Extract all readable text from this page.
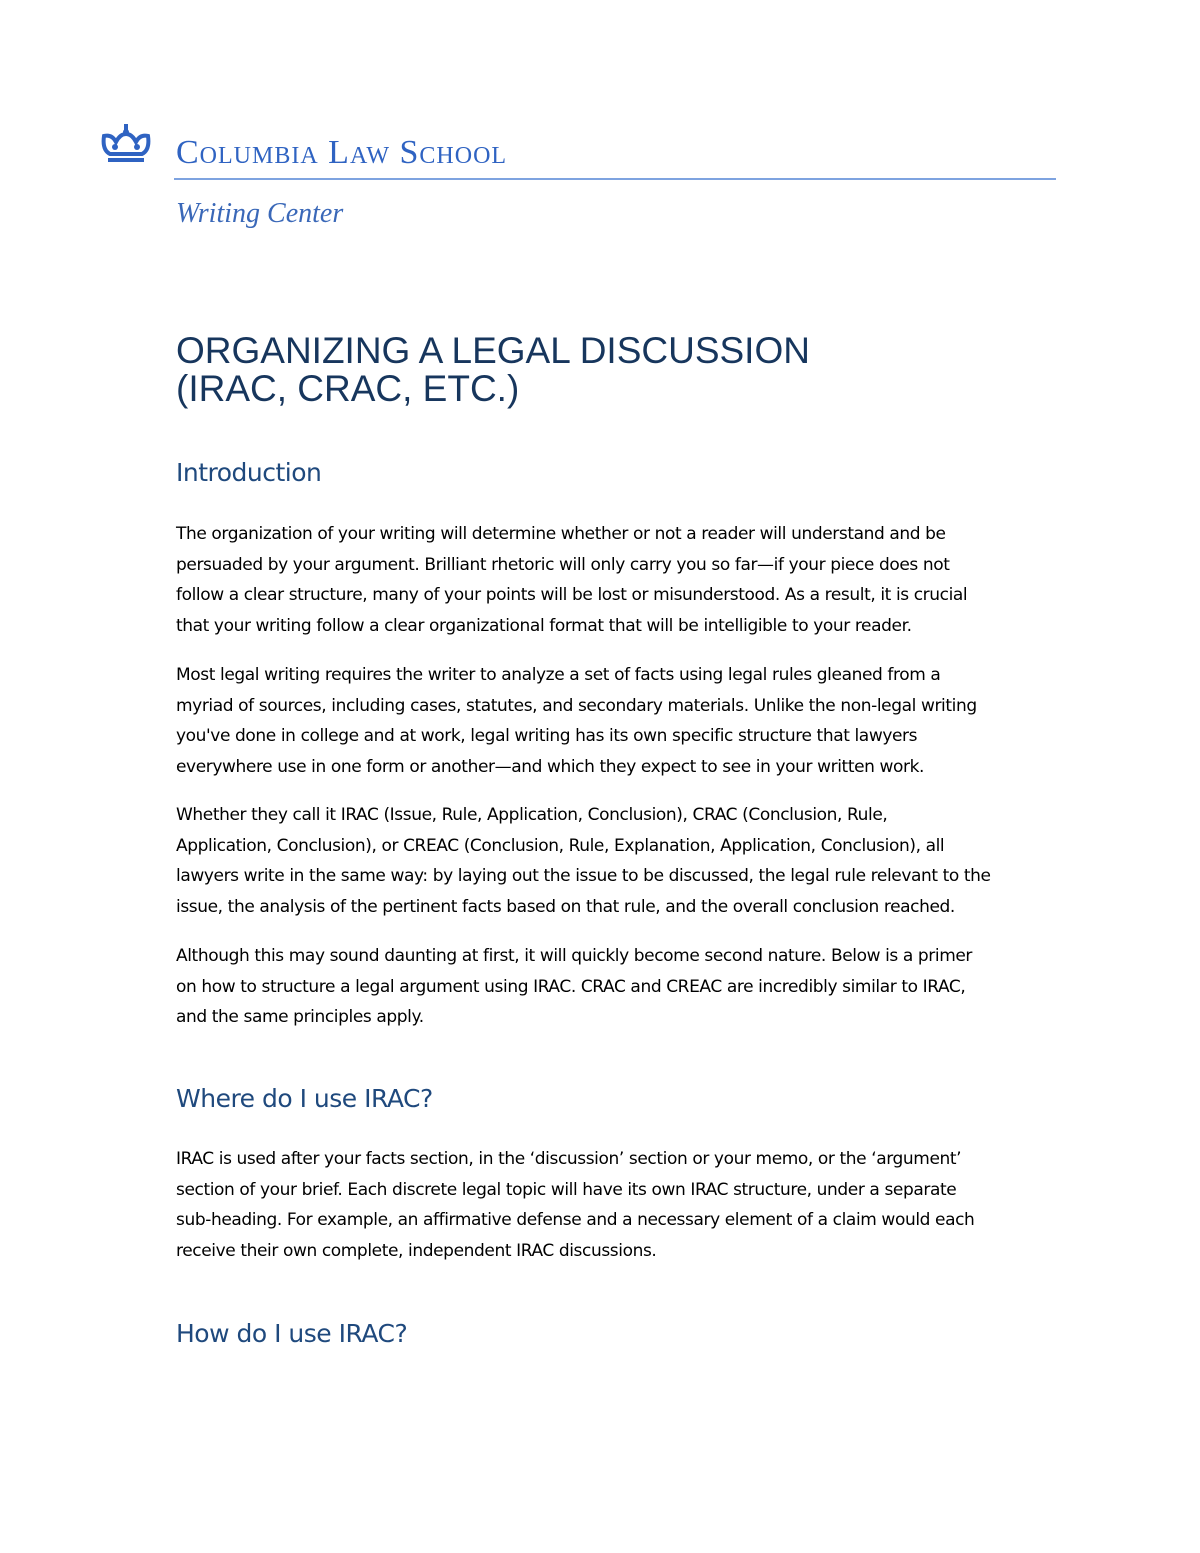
Columbia Law School
Writing Center
ORGANIZING A LEGAL DISCUSSION
(IRAC, CRAC, ETC.)
Introduction
The organization of your writing will determine whether or not a reader will understand and be
persuaded by your argument. Brilliant rhetoric will only carry you so far—if your piece does not
follow a clear structure, many of your points will be lost or misunderstood. As a result, it is crucial
that your writing follow a clear organizational format that will be intelligible to your reader.
Most legal writing requires the writer to analyze a set of facts using legal rules gleaned from a
myriad of sources, including cases, statutes, and secondary materials. Unlike the non-legal writing
you've done in college and at work, legal writing has its own specific structure that lawyers
everywhere use in one form or another—and which they expect to see in your written work.
Whether they call it IRAC (Issue, Rule, Application, Conclusion), CRAC (Conclusion, Rule,
Application, Conclusion), or CREAC (Conclusion, Rule, Explanation, Application, Conclusion), all
lawyers write in the same way: by laying out the issue to be discussed, the legal rule relevant to the
issue, the analysis of the pertinent facts based on that rule, and the overall conclusion reached.
Although this may sound daunting at first, it will quickly become second nature. Below is a primer
on how to structure a legal argument using IRAC. CRAC and CREAC are incredibly similar to IRAC,
and the same principles apply.
Where do I use IRAC?
IRAC is used after your facts section, in the ‘discussion’ section or your memo, or the ‘argument’
section of your brief. Each discrete legal topic will have its own IRAC structure, under a separate
sub-heading. For example, an affirmative defense and a necessary element of a claim would each
receive their own complete, independent IRAC discussions.
How do I use IRAC?
